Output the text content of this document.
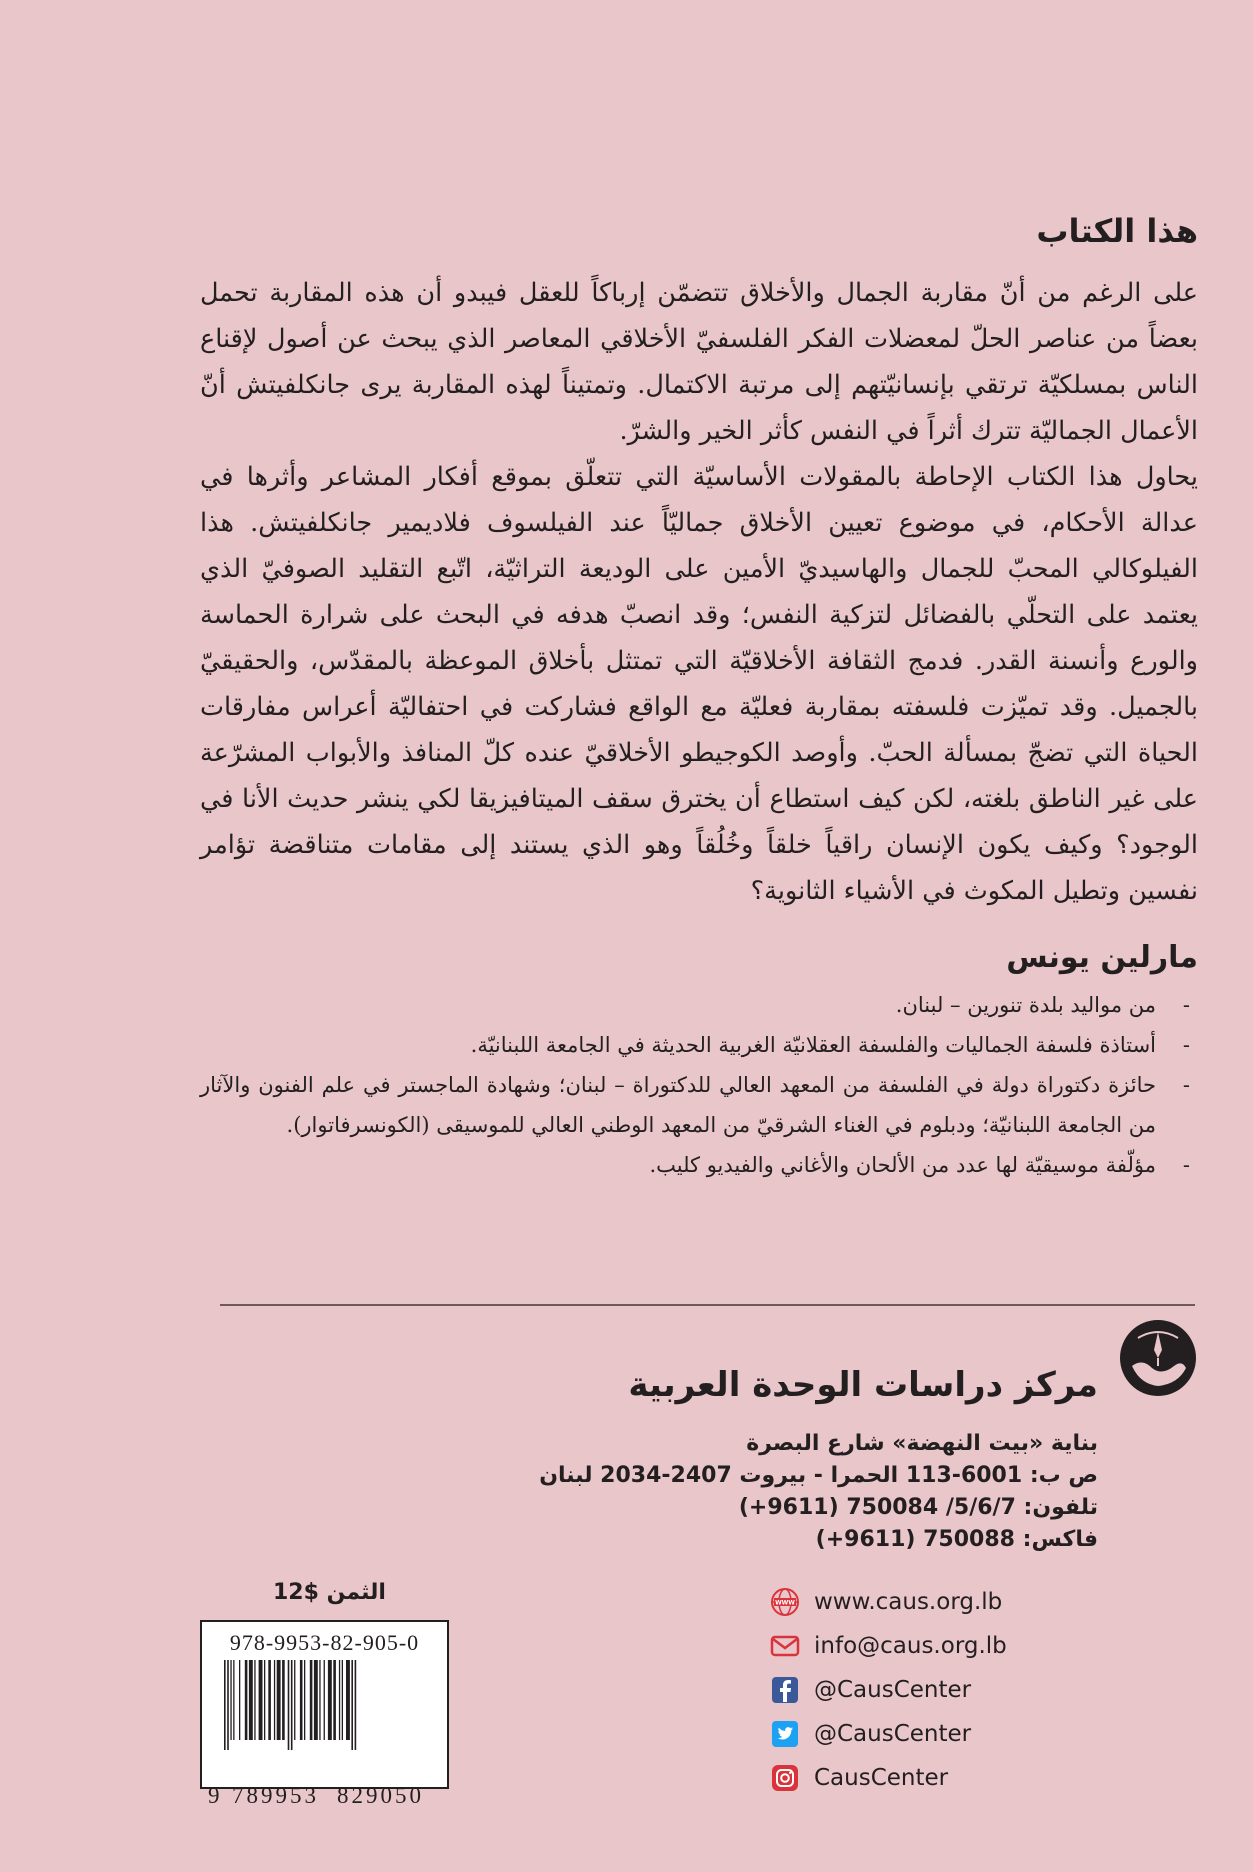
هذا الكتاب

على الرغم من أنّ مقاربة الجمال والأخلاق تتضمّن إرباكاً للعقل فيبدو أن هذه المقاربة تحمل بعضاً من عناصر الحلّ لمعضلات الفكر الفلسفيّ الأخلاقي المعاصر الذي يبحث عن أصول لإقناع الناس بمسلكيّة ترتقي بإنسانيّتهم إلى مرتبة الاكتمال. وتمتيناً لهذه المقاربة يرى جانكلفيتش أنّ الأعمال الجماليّة تترك أثراً في النفس كأثر الخير والشرّ.

يحاول هذا الكتاب الإحاطة بالمقولات الأساسيّة التي تتعلّق بموقع أفكار المشاعر وأثرها في عدالة الأحكام، في موضوع تعيين الأخلاق جماليّاً عند الفيلسوف فلاديمير جانكلفيتش. هذا الفيلوكالي المحبّ للجمال والهاسيديّ الأمين على الوديعة التراثيّة، اتّبع التقليد الصوفيّ الذي يعتمد على التحلّي بالفضائل لتزكية النفس؛ وقد انصبّ هدفه في البحث على شرارة الحماسة والورع وأنسنة القدر. فدمج الثقافة الأخلاقيّة التي تمتثل بأخلاق الموعظة بالمقدّس، والحقيقيّ بالجميل. وقد تميّزت فلسفته بمقاربة فعليّة مع الواقع فشاركت في احتفاليّة أعراس مفارقات الحياة التي تضجّ بمسألة الحبّ. وأوصد الكوجيطو الأخلاقيّ عنده كلّ المنافذ والأبواب المشرّعة على غير الناطق بلغته، لكن كيف استطاع أن يخترق سقف الميتافيزيقا لكي ينشر حديث الأنا في الوجود؟ وكيف يكون الإنسان راقياً خلقاً وخُلُقاً وهو الذي يستند إلى مقامات متناقضة تؤامر نفسين وتطيل المكوث في الأشياء الثانوية؟

مارلين يونس
- من مواليد بلدة تنورين – لبنان.
- أستاذة فلسفة الجماليات والفلسفة العقلانيّة الغربية الحديثة في الجامعة اللبنانيّة.
- حائزة دكتوراة دولة في الفلسفة من المعهد العالي للدكتوراة – لبنان؛ وشهادة الماجستر في علم الفنون والآثار من الجامعة اللبنانيّة؛ ودبلوم في الغناء الشرقيّ من المعهد الوطني العالي للموسيقى (الكونسرفاتوار).
- مؤلّفة موسيقيّة لها عدد من الألحان والأغاني والفيديو كليب.
مركز دراسات الوحدة العربية
بناية «بيت النهضة» شارع البصرة
ص ب: 6001-113 الحمرا - بيروت 2407-2034 لبنان
تلفون: 5/6/7/ 750084 (9611+)
فاكس: 750088 (9611+)
WWW www.caus.org.lb
info@caus.org.lb
@CausCenter
@CausCenter
CausCenter
الثمن $12
978-9953-82-905-0
9 789953 829050
